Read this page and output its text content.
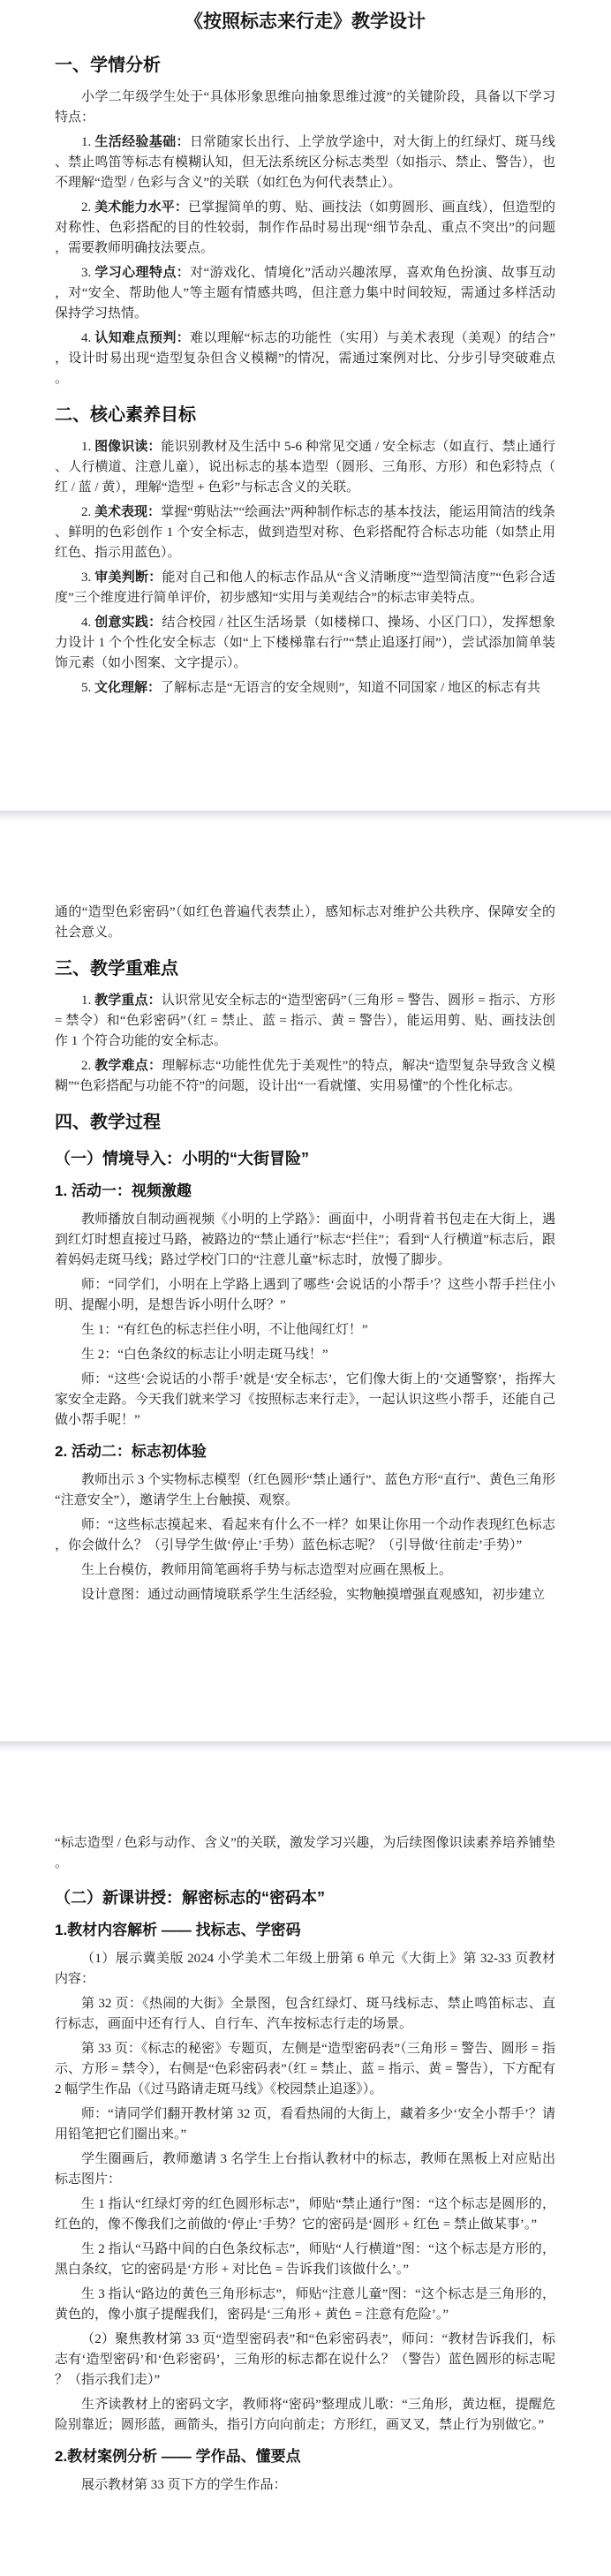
《按照标志来行走》教学设计
一、学情分析

小学二年级学生处于“具体形象思维向抽象思维过渡”的关键阶段，具备以下学习特点：

1. 生活经验基础：日常随家长出行、上学放学途中，对大街上的红绿灯、斑马线、禁止鸣笛等标志有模糊认知，但无法系统区分标志类型（如指示、禁止、警告），也不理解“造型 / 色彩与含义”的关联（如红色为何代表禁止）。

2. 美术能力水平：已掌握简单的剪、贴、画技法（如剪圆形、画直线），但造型的对称性、色彩搭配的目的性较弱，制作作品时易出现“细节杂乱、重点不突出”的问题，需要教师明确技法要点。

3. 学习心理特点：对“游戏化、情境化”活动兴趣浓厚，喜欢角色扮演、故事互动，对“安全、帮助他人”等主题有情感共鸣，但注意力集中时间较短，需通过多样活动保持学习热情。

4. 认知难点预判：难以理解“标志的功能性（实用）与美术表现（美观）的结合”，设计时易出现“造型复杂但含义模糊”的情况，需通过案例对比、分步引导突破难点。

二、核心素养目标

1. 图像识读：能识别教材及生活中 5-6 种常见交通 / 安全标志（如直行、禁止通行、人行横道、注意儿童），说出标志的基本造型（圆形、三角形、方形）和色彩特点（红 / 蓝 / 黄），理解“造型 + 色彩”与标志含义的关联。

2. 美术表现：掌握“剪贴法”“绘画法”两种制作标志的基本技法，能运用简洁的线条、鲜明的色彩创作 1 个安全标志，做到造型对称、色彩搭配符合标志功能（如禁止用红色、指示用蓝色）。

3. 审美判断：能对自己和他人的标志作品从“含义清晰度”“造型简洁度”“色彩合适度”三个维度进行简单评价，初步感知“实用与美观结合”的标志审美特点。

4. 创意实践：结合校园 / 社区生活场景（如楼梯口、操场、小区门口），发挥想象力设计 1 个个性化安全标志（如“上下楼梯靠右行”“禁止追逐打闹”），尝试添加简单装饰元素（如小图案、文字提示）。

5. 文化理解：了解标志是“无语言的安全规则”，知道不同国家 / 地区的标志有共

通的“造型色彩密码”（如红色普遍代表禁止），感知标志对维护公共秩序、保障安全的社会意义。

三、教学重难点

1. 教学重点：认识常见安全标志的“造型密码”（三角形 = 警告、圆形 = 指示、方形 = 禁令）和“色彩密码”（红 = 禁止、蓝 = 指示、黄 = 警告），能运用剪、贴、画技法创作 1 个符合功能的安全标志。

2. 教学难点：理解标志“功能性优先于美观性”的特点，解决“造型复杂导致含义模糊”“色彩搭配与功能不符”的问题，设计出“一看就懂、实用易懂”的个性化标志。

四、教学过程
（一）情境导入：小明的“大街冒险”
1. 活动一：视频激趣

教师播放自制动画视频《小明的上学路》：画面中，小明背着书包走在大街上，遇到红灯时想直接过马路，被路边的“禁止通行”标志“拦住”；看到“人行横道”标志后，跟着妈妈走斑马线；路过学校门口的“注意儿童”标志时，放慢了脚步。

师：“同学们，小明在上学路上遇到了哪些‘会说话的小帮手’？这些小帮手拦住小明、提醒小明，是想告诉小明什么呀？”

生 1：“有红色的标志拦住小明，不让他闯红灯！”

生 2：“白色条纹的标志让小明走斑马线！”

师：“这些‘会说话的小帮手’就是‘安全标志’，它们像大街上的‘交通警察’，指挥大家安全走路。今天我们就来学习《按照标志来行走》，一起认识这些小帮手，还能自己做小帮手呢！”

2. 活动二：标志初体验

教师出示 3 个实物标志模型（红色圆形“禁止通行”、蓝色方形“直行”、黄色三角形“注意安全”），邀请学生上台触摸、观察。

师：“这些标志摸起来、看起来有什么不一样？如果让你用一个动作表现红色标志，你会做什么？（引导学生做‘停止’手势）蓝色标志呢？（引导做‘往前走’手势）”

生上台模仿，教师用简笔画将手势与标志造型对应画在黑板上。

设计意图：通过动画情境联系学生生活经验，实物触摸增强直观感知，初步建立

“标志造型 / 色彩与动作、含义”的关联，激发学习兴趣，为后续图像识读素养培养铺垫。

（二）新课讲授：解密标志的“密码本”
1.教材内容解析 —— 找标志、学密码

（1）展示冀美版 2024 小学美术二年级上册第 6 单元《大街上》第 32-33 页教材内容：

第 32 页：《热闹的大街》全景图，包含红绿灯、斑马线标志、禁止鸣笛标志、直行标志，画面中还有行人、自行车、汽车按标志行走的场景。

第 33 页：《标志的秘密》专题页，左侧是“造型密码表”（三角形 = 警告、圆形 = 指示、方形 = 禁令），右侧是“色彩密码表”（红 = 禁止、蓝 = 指示、黄 = 警告），下方配有 2 幅学生作品（《过马路请走斑马线》《校园禁止追逐》）。

师：“请同学们翻开教材第 32 页，看看热闹的大街上，藏着多少‘安全小帮手’？请用铅笔把它们圈出来。”

学生圈画后，教师邀请 3 名学生上台指认教材中的标志，教师在黑板上对应贴出标志图片：

生 1 指认“红绿灯旁的红色圆形标志”，师贴“禁止通行”图：“这个标志是圆形的，红色的，像不像我们之前做的‘停止’手势？它的密码是‘圆形 + 红色 = 禁止做某事’。”

生 2 指认“马路中间的白色条纹标志”，师贴“人行横道”图：“这个标志是方形的，黑白条纹，它的密码是‘方形 + 对比色 = 告诉我们该做什么’。”

生 3 指认“路边的黄色三角形标志”，师贴“注意儿童”图：“这个标志是三角形的，黄色的，像小旗子提醒我们，密码是‘三角形 + 黄色 = 注意有危险’。”

（2）聚焦教材第 33 页“造型密码表”和“色彩密码表”，师问：“教材告诉我们，标志有‘造型密码’和‘色彩密码’，三角形的标志都在说什么？（警告）蓝色圆形的标志呢？（指示我们走）”

生齐读教材上的密码文字，教师将“密码”整理成儿歌：“三角形，黄边框，提醒危险别靠近；圆形蓝，画箭头，指引方向向前走；方形红，画叉叉，禁止行为别做它。”

2.教材案例分析 —— 学作品、懂要点

展示教材第 33 页下方的学生作品：
